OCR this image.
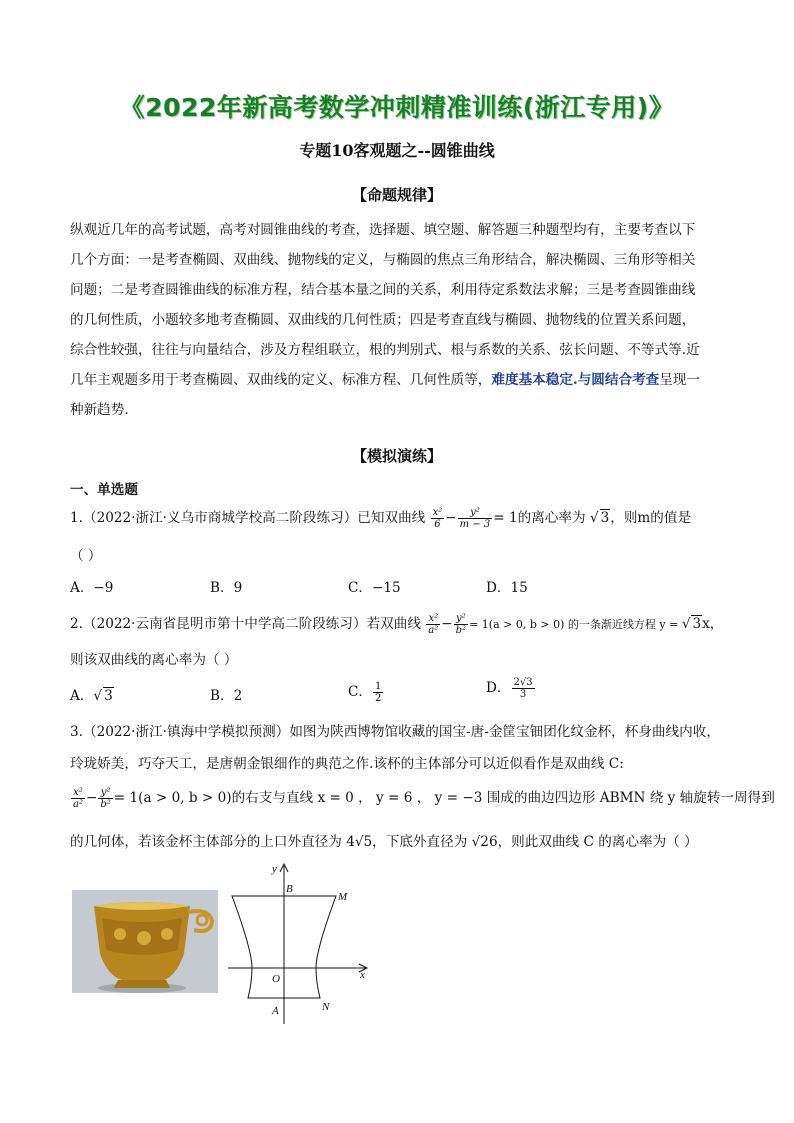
《2022年新高考数学冲刺精准训练(浙江专用)》
专题10客观题之--圆锥曲线
【命题规律】
纵观近几年的高考试题，高考对圆锥曲线的考查，选择题、填空题、解答题三种题型均有，主要考查以下
几个方面：一是考查椭圆、双曲线、抛物线的定义，与椭圆的焦点三角形结合，解决椭圆、三角形等相关
问题；二是考查圆锥曲线的标准方程，结合基本量之间的关系，利用待定系数法求解；三是考查圆锥曲线
的几何性质，小题较多地考查椭圆、双曲线的几何性质；四是考查直线与椭圆、抛物线的位置关系问题，
综合性较强，往往与向量结合，涉及方程组联立，根的判别式、根与系数的关系、弦长问题、不等式等.近
几年主观题多用于考查椭圆、双曲线的定义、标准方程、几何性质等，难度基本稳定.与圆结合考查呈现一
种新趋势.
【模拟演练】
一、单选题
1.（2022·浙江·义乌市商城学校高二阶段练习）已知双曲线 $\frac{\text{x²}}{6} - \frac{\text{y²}}{m - 3} = 1$的离心率为 √ 3，则m的值是
（ ）
A．−9	B．9	C．−15	D．15
2.（2022·云南省昆明市第十中学高二阶段练习）若双曲线 $\frac{\text{x²}}{\text{a²}} - \frac{\text{y²}}{\text{b²}} = 1(a > 0$, b > 0) 的一条渐近线方程 y = √ 3x，
则该双曲线的离心率为（ ）
A．√ 3	B．2	C． $\frac{1}{2}$	D． $\frac{2√3}{3}$
3.（2022·浙江·镇海中学模拟预测）如图为陕西博物馆收藏的国宝-唐-金筐宝钿团化纹金杯，杯身曲线内收，
玲珑娇美，巧夺天工，是唐朝金银细作的典范之作.该杯的主体部分可以近似看作是双曲线 C:
$\frac{\text{x²}}{\text{a²}} - \frac{\text{y²}}{\text{b²}} = 1(a > 0$, b > 0)的右支与直线 x = 0 ， y = 6 ， y = −3 围成的曲边四边形 ABMN 绕 y 轴旋转一周得到
的几何体，若该金杯主体部分的上口外直径为 4√5，下底外直径为 √26，则此双曲线 C 的离心率为（ ）
y
B
M
O	x
A	N
